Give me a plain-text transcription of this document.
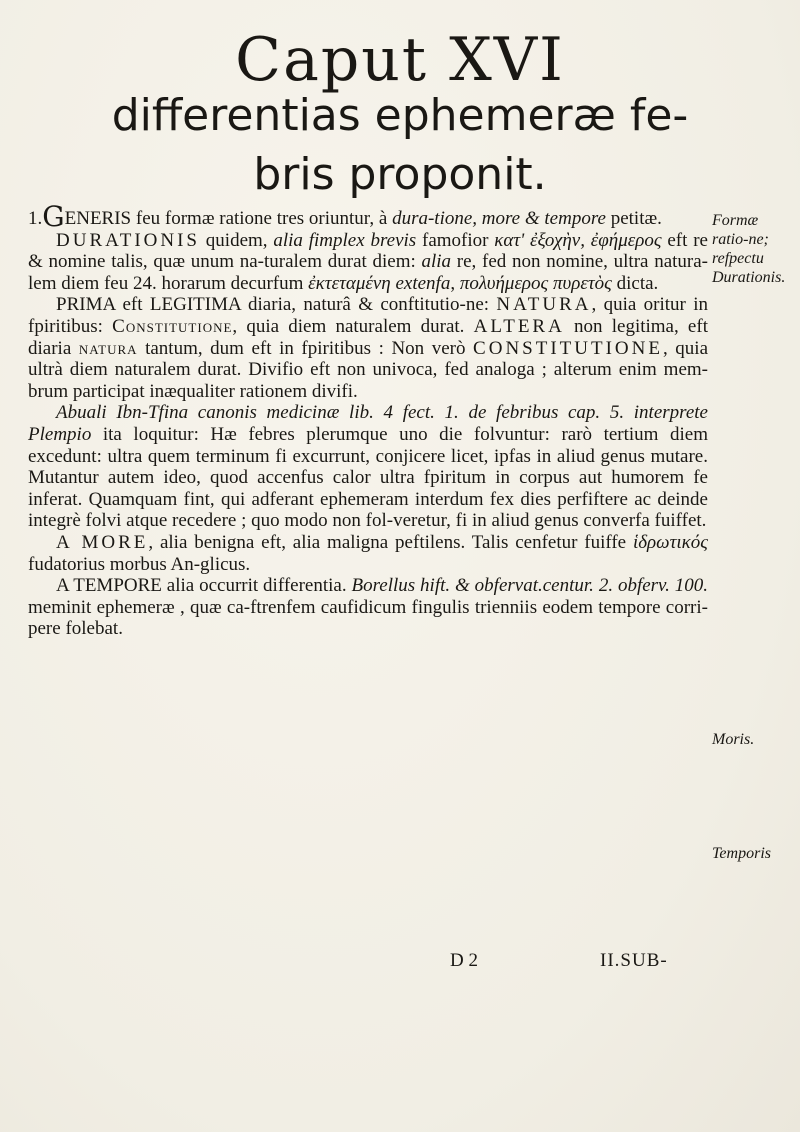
Caput XVI
differentias ephemeræ fe-
bris proponit.

1.GENERIS feu formæ ratione tres oriuntur, à dura-tione, more & tempore petitæ.

DURATIONIS quidem, alia fimplex brevis famofior κατ' ἐξοχὴν, ἐφήμερος eft re & nomine talis, quæ unum na-turalem durat diem: alia re, fed non nomine, ultra natura-lem diem feu 24. horarum decurfum ἐκτεταμένη extenfa, πολυήμερος πυρετὸς dicta.

PRIMA eft LEGITIMA diaria, naturâ & conftitutio-ne: NATURA, quia oritur in fpiritibus: Constitutione, quia diem naturalem durat. ALTERA non legitima, eft diaria natura tantum, dum eft in fpiritibus : Non verò CONSTITUTIONE, quia ultrà diem naturalem durat. Divifio eft non univoca, fed analoga ; alterum enim mem-brum participat inæqualiter rationem divifi.

Abuali Ibn-Tfina canonis medicinæ lib. 4 fect. 1. de febribus cap. 5. interprete Plempio ita loquitur: Hæ febres plerumque uno die folvuntur: rarò tertium diem excedunt: ultra quem terminum fi excurrunt, conjicere licet, ipfas in aliud genus mutare. Mutantur autem ideo, quod accenfus calor ultra fpiritum in corpus aut humorem fe inferat. Quamquam fint, qui adferant ephemeram interdum fex dies perfiftere ac deinde integrè folvi atque recedere ; quo modo non fol-veretur, fi in aliud genus converfa fuiffet.

A MORE, alia benigna eft, alia maligna peftilens. Talis cenfetur fuiffe ἱδρωτικός fudatorius morbus An-glicus.

A TEMPORE alia occurrit differentia. Borellus hift. & obfervat.centur. 2. obferv. 100. meminit ephemeræ , quæ ca-ftrenfem caufidicum fingulis trienniis eodem tempore corri-pere folebat.

Formæ ratio-ne; refpectu Durationis.
Moris.
Temporis
D 2	II.SUB-
